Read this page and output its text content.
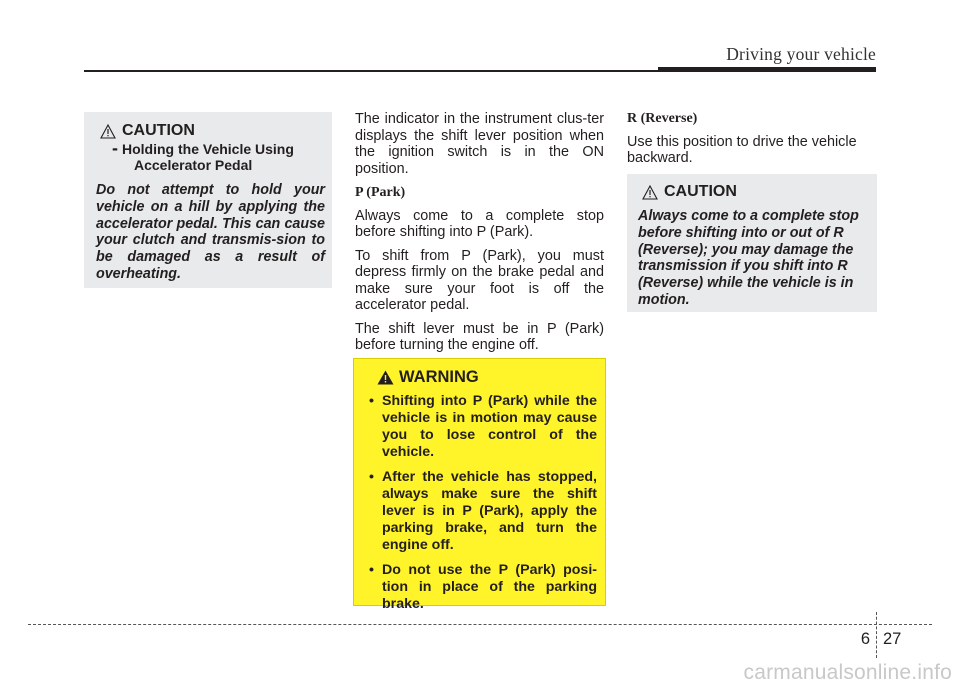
Driving your vehicle
CAUTION
- Holding the Vehicle Using
Accelerator Pedal
Do not attempt to hold your vehicle on a hill by applying the accelerator pedal. This can cause your clutch and transmis-sion to be damaged as a result of overheating.

The indicator in the instrument clus-ter displays the shift lever position when the ignition switch is in the ON position.

P (Park)

Always come to a complete stop before shifting into P (Park).

To shift from P (Park), you must depress firmly on the brake pedal and make sure your foot is off the accelerator pedal.

The shift lever must be in P (Park) before turning the engine off.

WARNING
• Shifting into P (Park) while the vehicle is in motion may cause you to lose control of the vehicle.
• After the vehicle has stopped, always make sure the shift lever is in P (Park), apply the parking brake, and turn the engine off.
• Do not use the P (Park) posi-tion in place of the parking brake.
R (Reverse)

Use this position to drive the vehicle backward.

CAUTION
Always come to a complete stop before shifting into or out of R (Reverse); you may damage the transmission if you shift into R (Reverse) while the vehicle is in motion.
6 27
carmanualsonline.info
